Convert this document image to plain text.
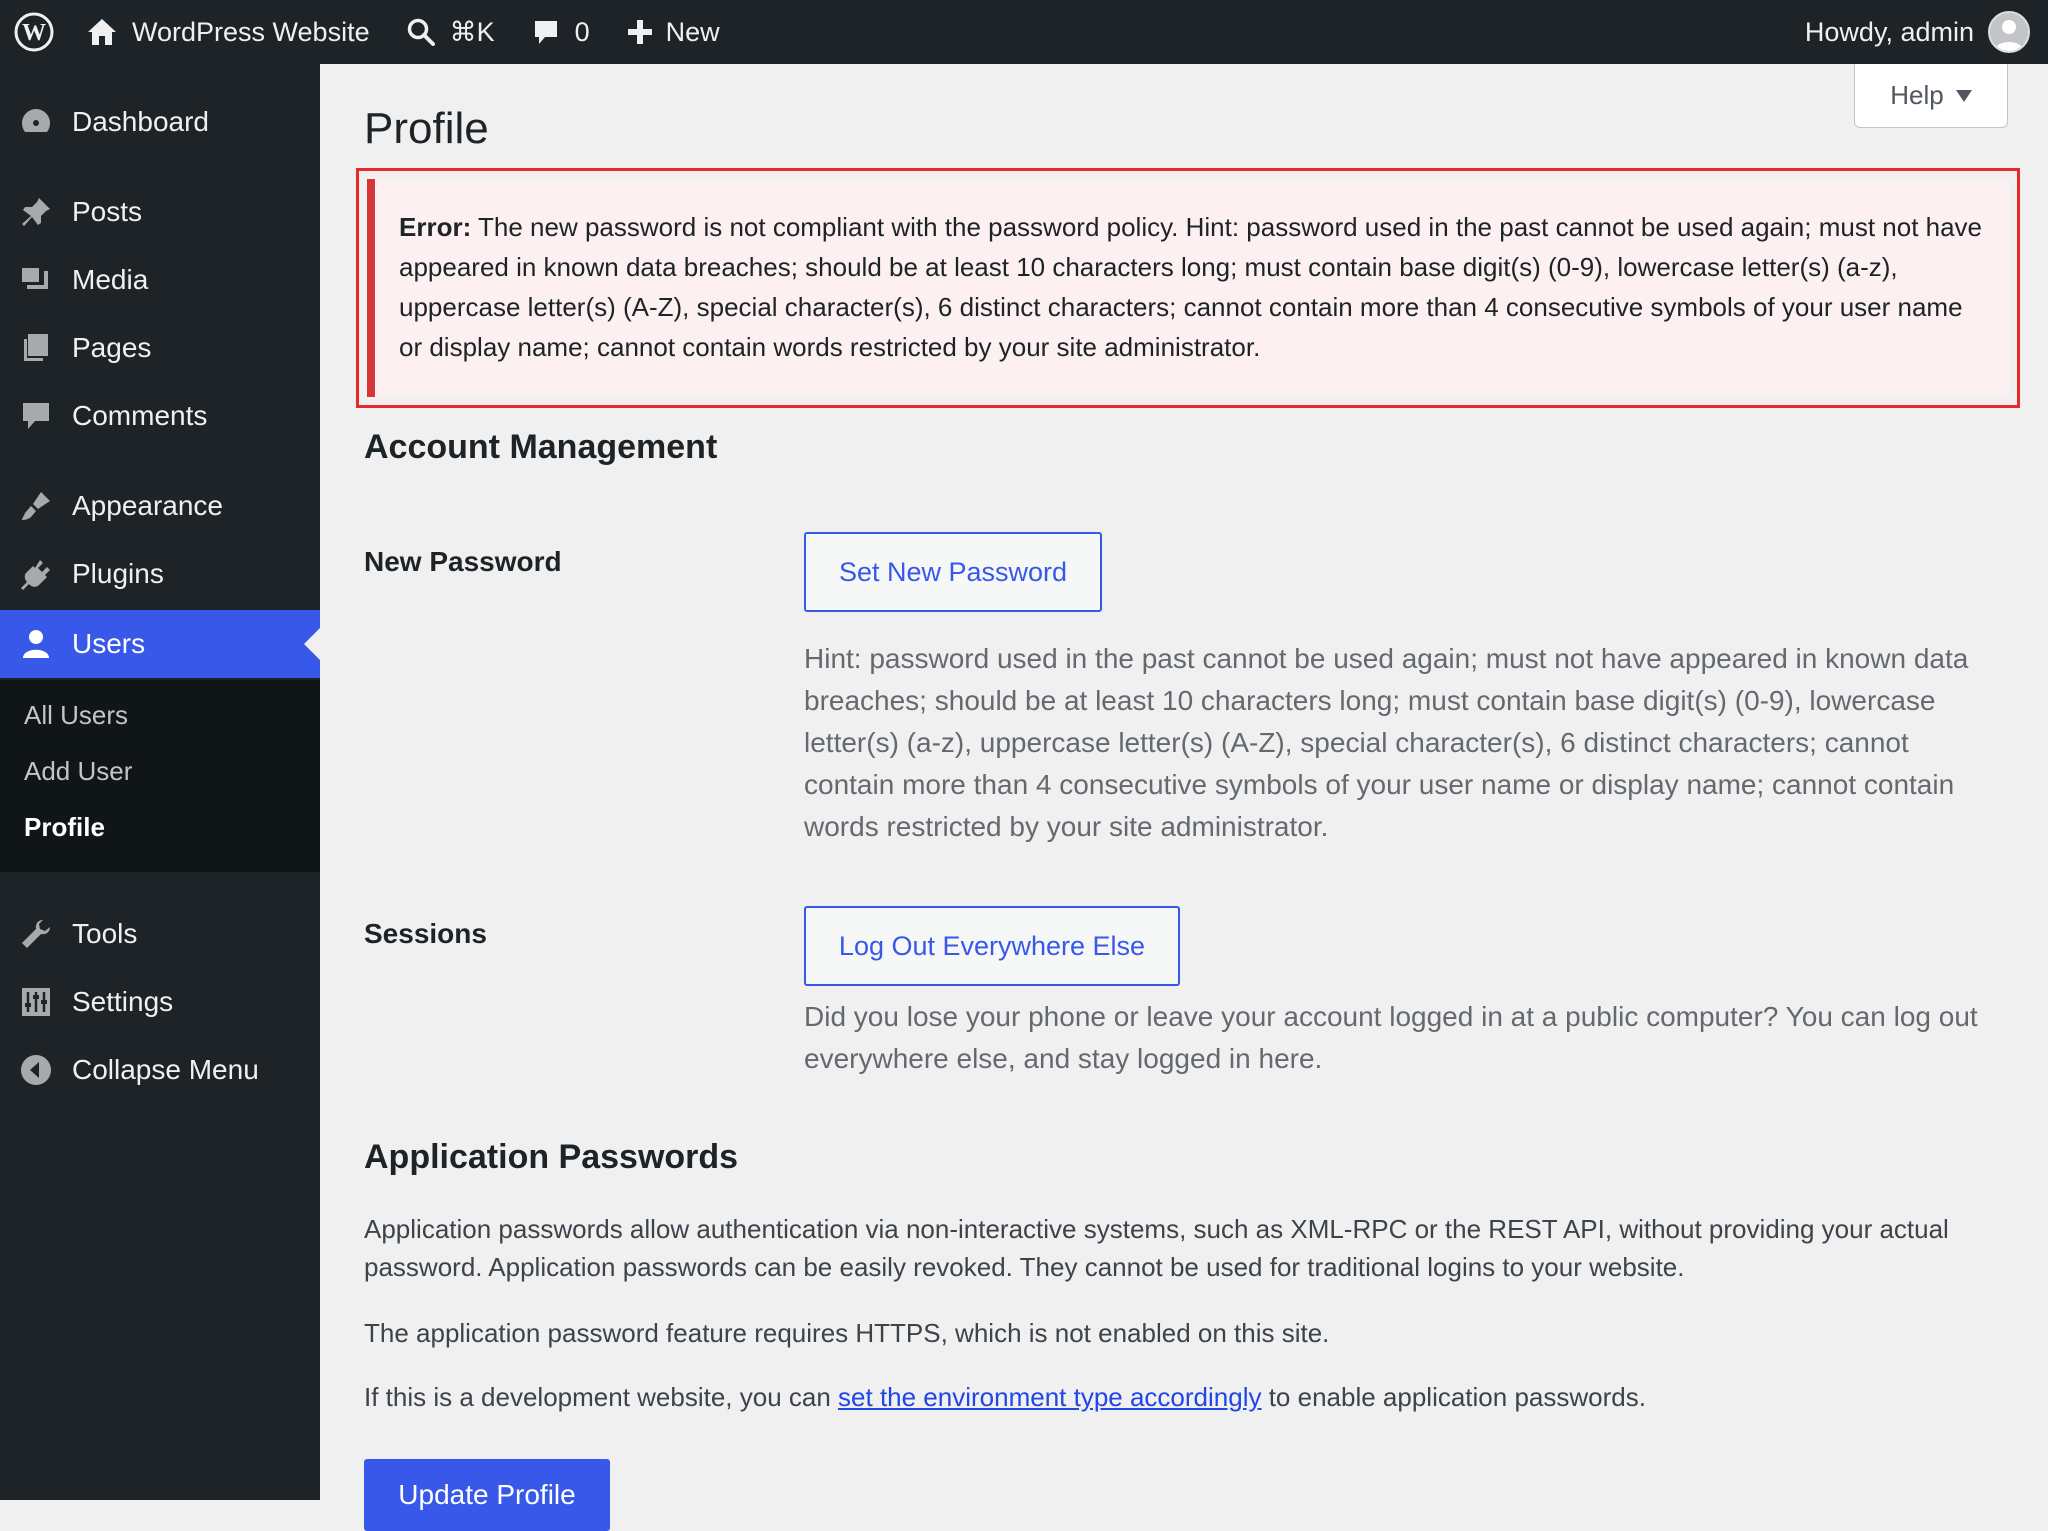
W	WordPress Website	⌘K	0	New	Howdy, admin
Dashboard
Posts
Media
Pages
Comments
Appearance
Plugins
Users
All Users
Add User
Profile
Tools
Settings
Collapse Menu
Help
Profile
Error: The new password is not compliant with the password policy. Hint: password used in the past cannot be used again; must not have appeared in known data breaches; should be at least 10 characters long; must contain base digit(s) (0-9), lowercase letter(s) (a-z), uppercase letter(s) (A-Z), special character(s), 6 distinct characters; cannot contain more than 4 consecutive symbols of your user name or display name; cannot contain words restricted by your site administrator.
Account Management
New Password	Set New Password
Hint: password used in the past cannot be used again; must not have appeared in known data breaches; should be at least 10 characters long; must contain base digit(s) (0-9), lowercase letter(s) (a-z), uppercase letter(s) (A-Z), special character(s), 6 distinct characters; cannot contain more than 4 consecutive symbols of your user name or display name; cannot contain words restricted by your site administrator.
Sessions	Log Out Everywhere Else
Did you lose your phone or leave your account logged in at a public computer? You can log out everywhere else, and stay logged in here.
Application Passwords
Application passwords allow authentication via non-interactive systems, such as XML-RPC or the REST API, without providing your actual password. Application passwords can be easily revoked. They cannot be used for traditional logins to your website.
The application password feature requires HTTPS, which is not enabled on this site.
If this is a development website, you can set the environment type accordingly to enable application passwords.
Update Profile
